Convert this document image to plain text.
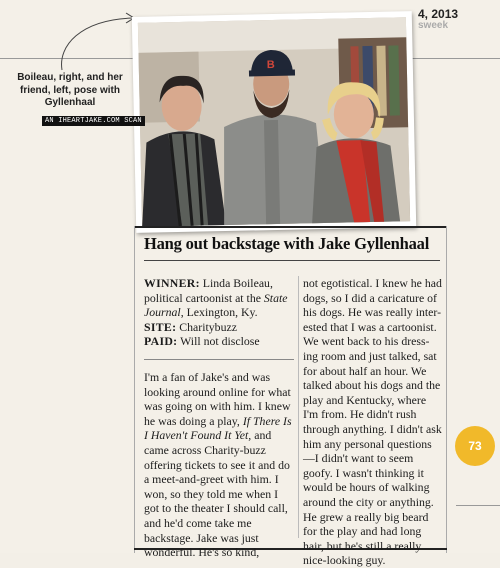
4, 2013
sweek
Boileau, right, and her friend, left, pose with Gyllenhaal
B
AN IHEARTJAKE.COM SCAN
Hang out backstage with Jake Gyllenhaal
WINNER: Linda Boileau, political cartoonist at the State Journal, Lexington, Ky.
SITE: Charitybuzz
PAID: Will not disclose
I'm a fan of Jake's and was looking around online for what was going on with him. I knew he was doing a play, If There Is I Haven't Found It Yet, and came across Charity-buzz offering tickets to see it and do a meet-and-greet with him. I won, so they told me when I got to the theater I should call, and he'd come take me backstage. Jake was just wonderful. He's so kind,
not egotistical. I knew he had dogs, so I did a caricature of his dogs. He was really inter-ested that I was a cartoonist. We went back to his dress-ing room and just talked, sat for about half an hour. We talked about his dogs and the play and Kentucky, where I'm from. He didn't rush through anything. I didn't ask him any personal questions—I didn't want to seem goofy. I wasn't thinking it would be hours of walking around the city or anything. He grew a really big beard for the play and had long hair, but he's still a really nice-looking guy.
73
